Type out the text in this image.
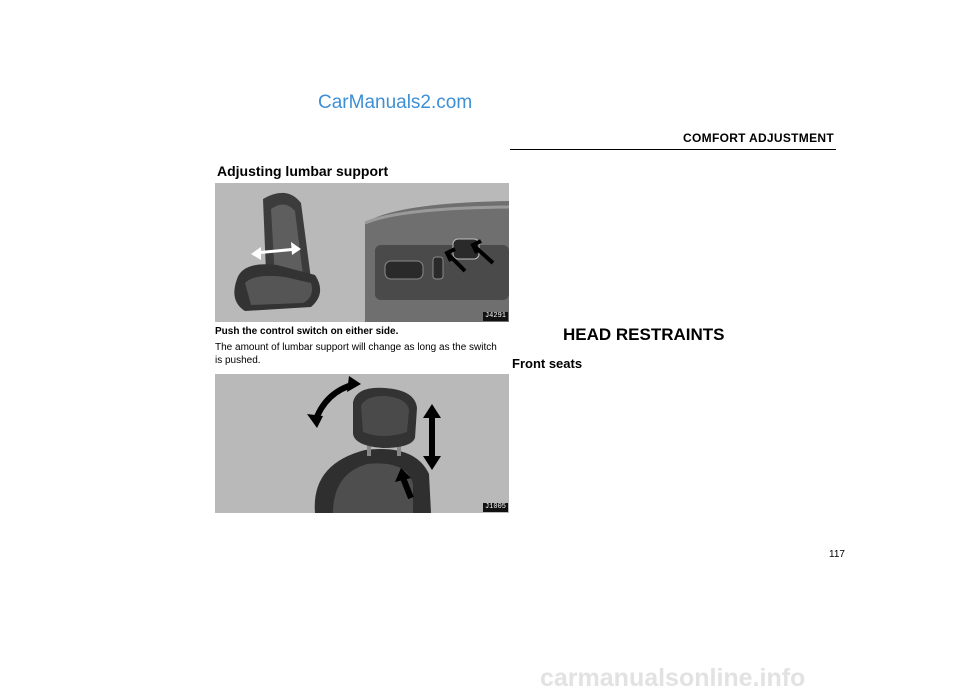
CarManuals2.com
COMFORT ADJUSTMENT
Adjusting lumbar support
J4291
Push the control switch on either side.
The amount of lumbar support will change as long as the switch is pushed.
J1005
HEAD RESTRAINTS
Front seats
117
carmanualsonline.info
